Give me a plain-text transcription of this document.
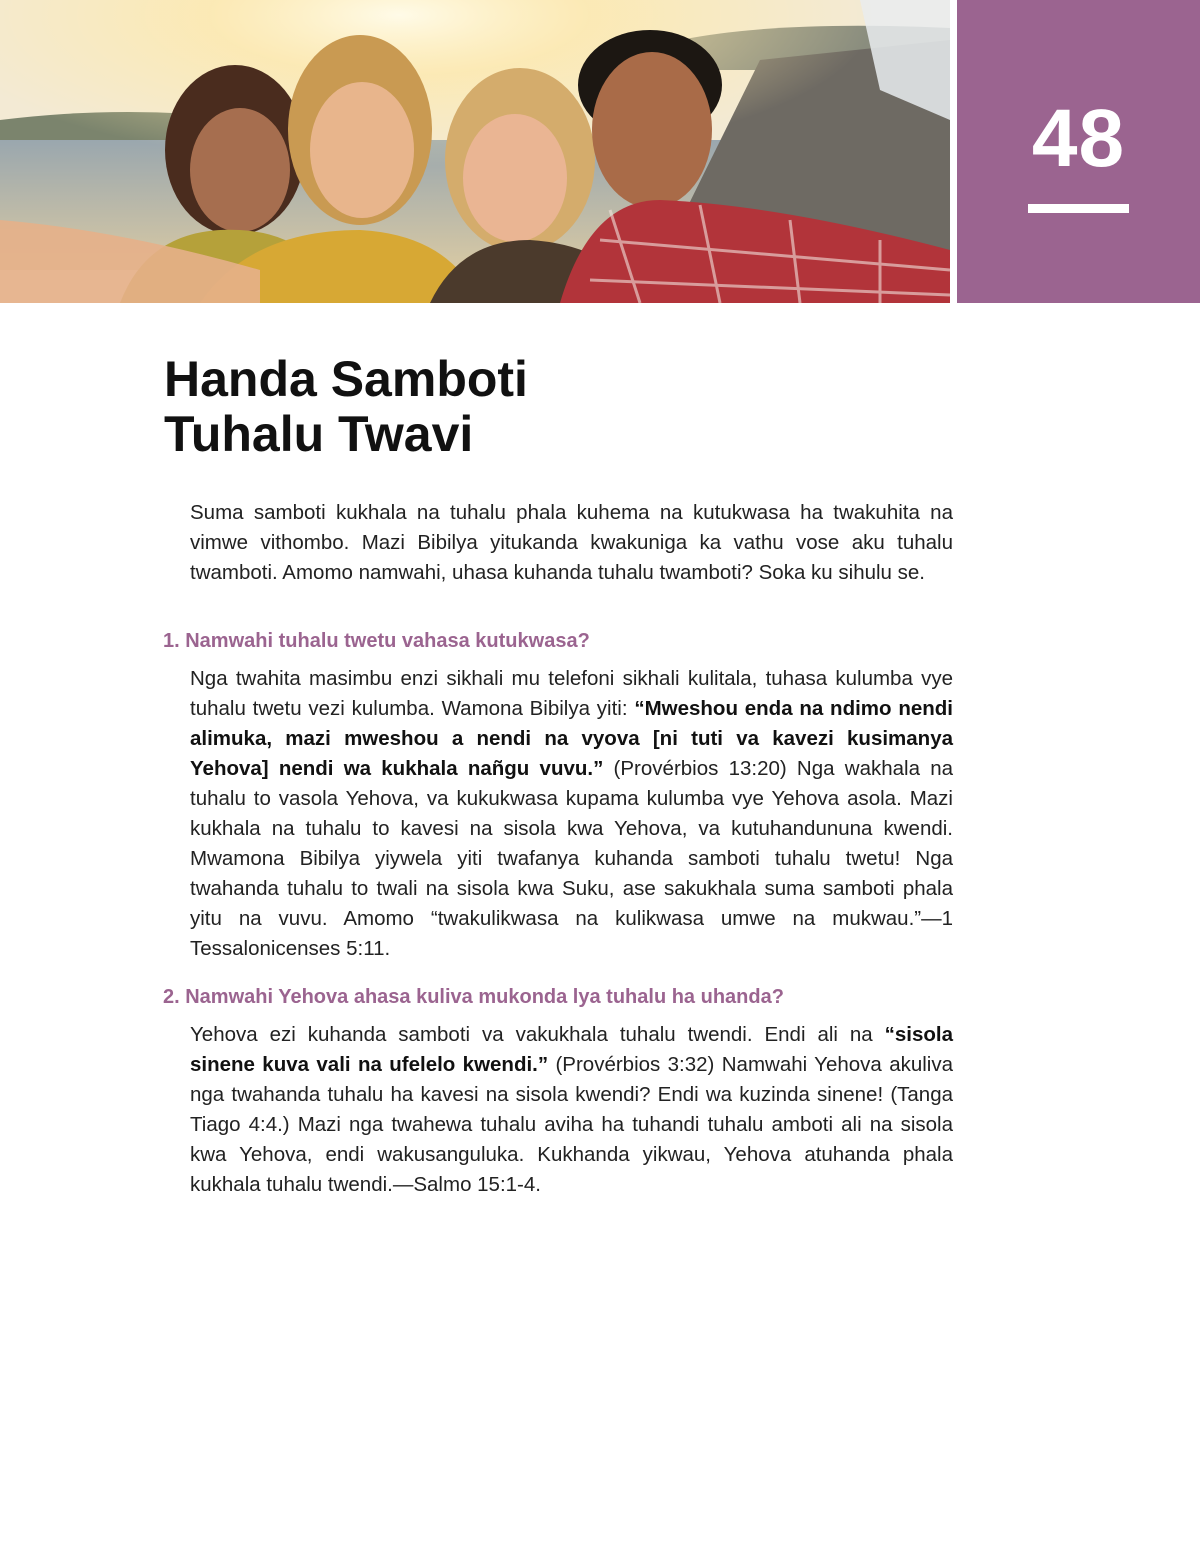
48
Handa Samboti
Tuhalu Twavi

Suma samboti kukhala na tuhalu phala kuhema na kutukwasa ha twakuhita na vimwe vithombo. Mazi Bibilya yitukanda kwakuniga ka vathu vose aku tuhalu twamboti. Amomo namwahi, uhasa kuhanda tuhalu twamboti? Soka ku sihulu se.

1. Namwahi tuhalu twetu vahasa kutukwasa?

Nga twahita masimbu enzi sikhali mu telefoni sikhali kulitala, tuhasa kulumba vye tuhalu twetu vezi kulumba. Wamona Bibilya yiti: “Mweshou enda na ndimo nendi alimuka, mazi mweshou a nendi na vyova [ni tuti va kavezi kusimanya Yehova] nendi wa kukhala nañgu vuvu.” (Provérbios 13:20) Nga wakhala na tuhalu to vasola Yehova, va kukukwasa kupama kulumba vye Yehova asola. Mazi kukhala na tuhalu to kavesi na sisola kwa Yehova, va kutuhandununa kwendi. Mwamona Bibilya yiywela yiti twafanya kuhanda samboti tuhalu twetu! Nga twahanda tuhalu to twali na sisola kwa Suku, ase sakukhala suma samboti phala yitu na vuvu. Amomo “twakulikwasa na kulikwasa umwe na mukwau.”—1 Tessalonicenses 5:11.

2. Namwahi Yehova ahasa kuliva mukonda lya tuhalu ha uhanda?

Yehova ezi kuhanda samboti va vakukhala tuhalu twendi. Endi ali na “sisola sinene kuva vali na ufelelo kwendi.” (Provérbios 3:32) Namwahi Yehova akuliva nga twahanda tuhalu ha kavesi na sisola kwendi? Endi wa kuzinda sinene! (Tanga Tiago 4:4.) Mazi nga twahewa tuhalu aviha ha tuhandi tuhalu amboti ali na sisola kwa Yehova, endi wakusanguluka. Kukhanda yikwau, Yehova atuhanda phala kukhala tuhalu twendi.—Salmo 15:1-4.
